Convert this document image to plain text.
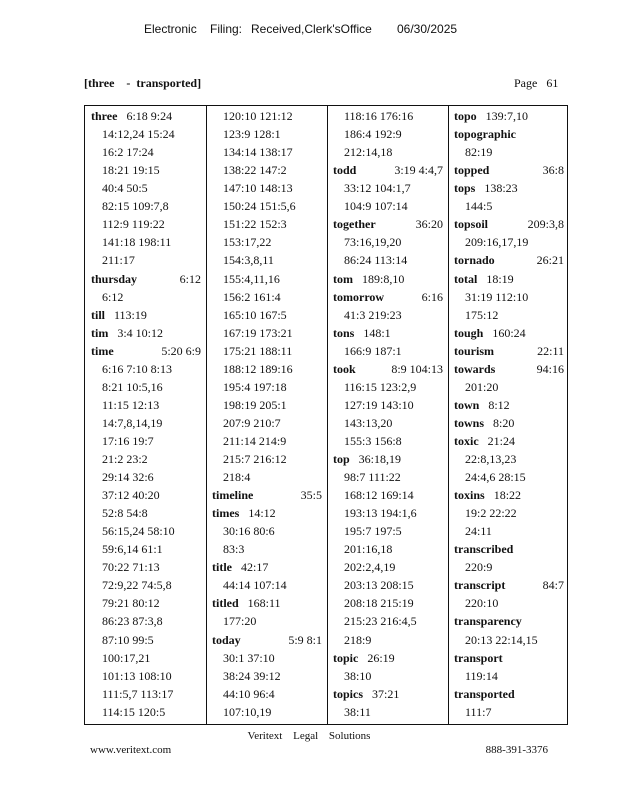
Electronic Filing: Received,Clerk'sOffice 06/30/2025
[three    -  transported]	Page   61
three 6:18 9:24
14:12,24 15:24
16:2 17:24
18:21 19:15
40:4 50:5
82:15 109:7,8
112:9 119:22
141:18 198:11
211:17
thursday	6:12
6:12
till 113:19
tim 3:4 10:12
time	5:20 6:9
6:16 7:10 8:13
8:21 10:5,16
11:15 12:13
14:7,8,14,19
17:16 19:7
21:2 23:2
29:14 32:6
37:12 40:20
52:8 54:8
56:15,24 58:10
59:6,14 61:1
70:22 71:13
72:9,22 74:5,8
79:21 80:12
86:23 87:3,8
87:10 99:5
100:17,21
101:13 108:10
111:5,7 113:17
114:15 120:5
120:10 121:12
123:9 128:1
134:14 138:17
138:22 147:2
147:10 148:13
150:24 151:5,6
151:22 152:3
153:17,22
154:3,8,11
155:4,11,16
156:2 161:4
165:10 167:5
167:19 173:21
175:21 188:11
188:12 189:16
195:4 197:18
198:19 205:1
207:9 210:7
211:14 214:9
215:7 216:12
218:4
timeline	35:5
times 14:12
30:16 80:6
83:3
title 42:17
44:14 107:14
titled 168:11
177:20
today	5:9 8:1
30:1 37:10
38:24 39:12
44:10 96:4
107:10,19
118:16 176:16
186:4 192:9
212:14,18
todd	3:19 4:4,7
33:12 104:1,7
104:9 107:14
together	36:20
73:16,19,20
86:24 113:14
tom 189:8,10
tomorrow	6:16
41:3 219:23
tons 148:1
166:9 187:1
took	8:9 104:13
116:15 123:2,9
127:19 143:10
143:13,20
155:3 156:8
top 36:18,19
98:7 111:22
168:12 169:14
193:13 194:1,6
195:7 197:5
201:16,18
202:2,4,19
203:13 208:15
208:18 215:19
215:23 216:4,5
218:9
topic 26:19
38:10
topics 37:21
38:11
topo 139:7,10
topographic
82:19
topped	36:8
tops 138:23
144:5
topsoil	209:3,8
209:16,17,19
tornado	26:21
total 18:19
31:19 112:10
175:12
tough 160:24
tourism	22:11
towards	94:16
201:20
town 8:12
towns 8:20
toxic 21:24
22:8,13,23
24:4,6 28:15
toxins 18:22
19:2 22:22
24:11
transcribed
220:9
transcript	84:7
220:10
transparency
20:13 22:14,15
transport
119:14
transported
111:7
Veritext Legal Solutions
www.veritext.com	888-391-3376
